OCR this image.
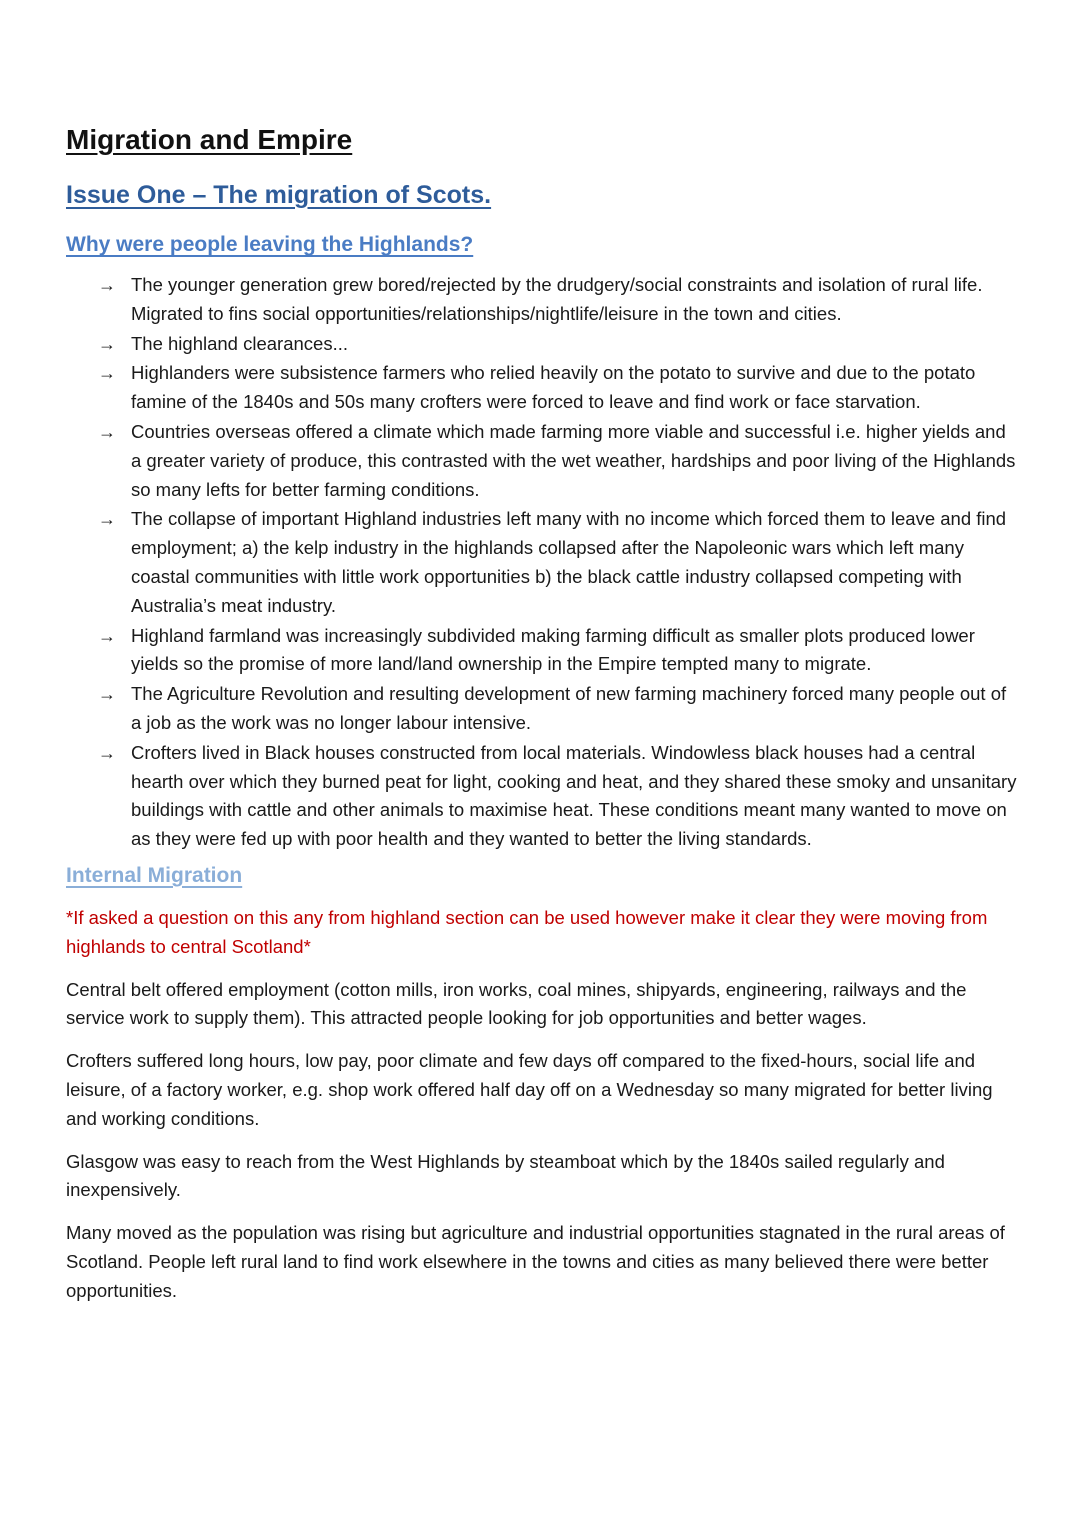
Migration and Empire
Issue One – The migration of Scots.
Why were people leaving the Highlands?
→ The younger generation grew bored/rejected by the drudgery/social constraints and isolation of rural life. Migrated to fins social opportunities/relationships/nightlife/leisure in the town and cities.
→ The highland clearances...
→ Highlanders were subsistence farmers who relied heavily on the potato to survive and due to the potato famine of the 1840s and 50s many crofters were forced to leave and find work or face starvation.
→ Countries overseas offered a climate which made farming more viable and successful i.e. higher yields and a greater variety of produce, this contrasted with the wet weather, hardships and poor living of the Highlands so many lefts for better farming conditions.
→ The collapse of important Highland industries left many with no income which forced them to leave and find employment; a) the kelp industry in the highlands collapsed after the Napoleonic wars which left many coastal communities with little work opportunities b) the black cattle industry collapsed competing with Australia’s meat industry.
→ Highland farmland was increasingly subdivided making farming difficult as smaller plots produced lower yields so the promise of more land/land ownership in the Empire tempted many to migrate.
→ The Agriculture Revolution and resulting development of new farming machinery forced many people out of a job as the work was no longer labour intensive.
→ Crofters lived in Black houses constructed from local materials. Windowless black houses had a central hearth over which they burned peat for light, cooking and heat, and they shared these smoky and unsanitary buildings with cattle and other animals to maximise heat. These conditions meant many wanted to move on as they were fed up with poor health and they wanted to better the living standards.
Internal Migration

*If asked a question on this any from highland section can be used however make it clear they were moving from highlands to central Scotland*

Central belt offered employment (cotton mills, iron works, coal mines, shipyards, engineering, railways and the service work to supply them). This attracted people looking for job opportunities and better wages.

Crofters suffered long hours, low pay, poor climate and few days off compared to the fixed-hours, social life and leisure, of a factory worker, e.g. shop work offered half day off on a Wednesday so many migrated for better living and working conditions.

Glasgow was easy to reach from the West Highlands by steamboat which by the 1840s sailed regularly and inexpensively.

Many moved as the population was rising but agriculture and industrial opportunities stagnated in the rural areas of Scotland. People left rural land to find work elsewhere in the towns and cities as many believed there were better opportunities.
